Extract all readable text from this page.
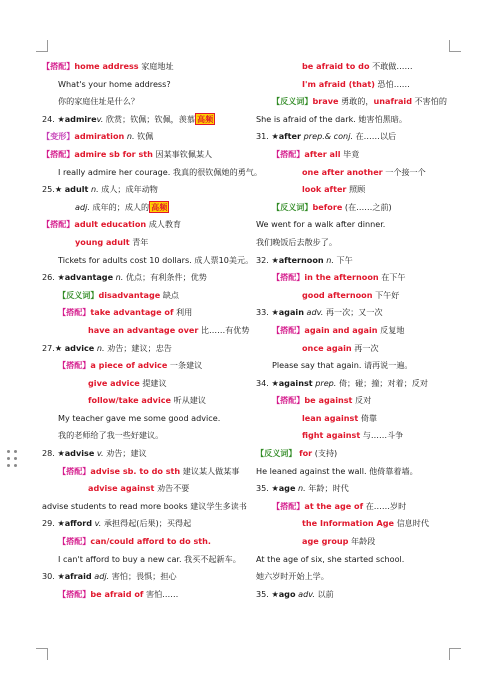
【搭配】home address 家庭地址
What's your home address?
你的家庭住址是什么？
24. ★admirev. 欣赏；钦佩；钦佩，羡慕 高频
【变形】admiration n. 钦佩
【搭配】admire sb for sth 因某事钦佩某人
I really admire her courage. 我真的很钦佩她的勇气。
25.★ adult n. 成人；成年动物
adj. 成年的；成人的 高频
【搭配】adult education 成人教育
young adult 青年
Tickets for adults cost 10 dollars. 成人票10美元。
26. ★advantage n. 优点；有利条件；优势
【反义词】disadvantage 缺点
【搭配】take advantage of 利用
have an advantage over 比……有优势
27.★ advice n. 劝告；建议；忠告
【搭配】a piece of advice 一条建议
give advice 提建议
follow/take advice 听从建议
My teacher gave me some good advice.
我的老师给了我一些好建议。
28. ★advise v. 劝告；建议
【搭配】advise sb. to do sth 建议某人做某事
advise against 劝告不要
advise students to read more books 建议学生多读书
29. ★afford v. 承担得起(后果)；买得起
【搭配】can/could afford to do sth.
I can't afford to buy a new car. 我买不起新车。
30. ★afraid adj. 害怕；畏惧；担心
【搭配】be afraid of 害怕……
be afraid to do 不敢做……
I'm afraid (that) 恐怕……
【反义词】brave 勇敢的，unafraid 不害怕的
She is afraid of the dark. 她害怕黑暗。
31. ★after prep.& conj. 在……以后
【搭配】after all 毕竟
one after another 一个接一个
look after 照顾
【反义词】before (在……之前)
We went for a walk after dinner.
我们晚饭后去散步了。
32. ★afternoon n. 下午
【搭配】in the afternoon 在下午
good afternoon 下午好
33. ★again adv. 再一次；又一次
【搭配】again and again 反复地
once again 再一次
Please say that again. 请再说一遍。
34. ★against prep. 倚；碰；撞；对着；反对
【搭配】be against 反对
lean against 倚靠
fight against 与……斗争
【反义词】 for (支持)
He leaned against the wall. 他倚靠着墙。
35. ★age n. 年龄；时代
【搭配】at the age of 在……岁时
the Information Age 信息时代
age group 年龄段
At the age of six, she started school.
她六岁时开始上学。
35. ★ago adv. 以前
